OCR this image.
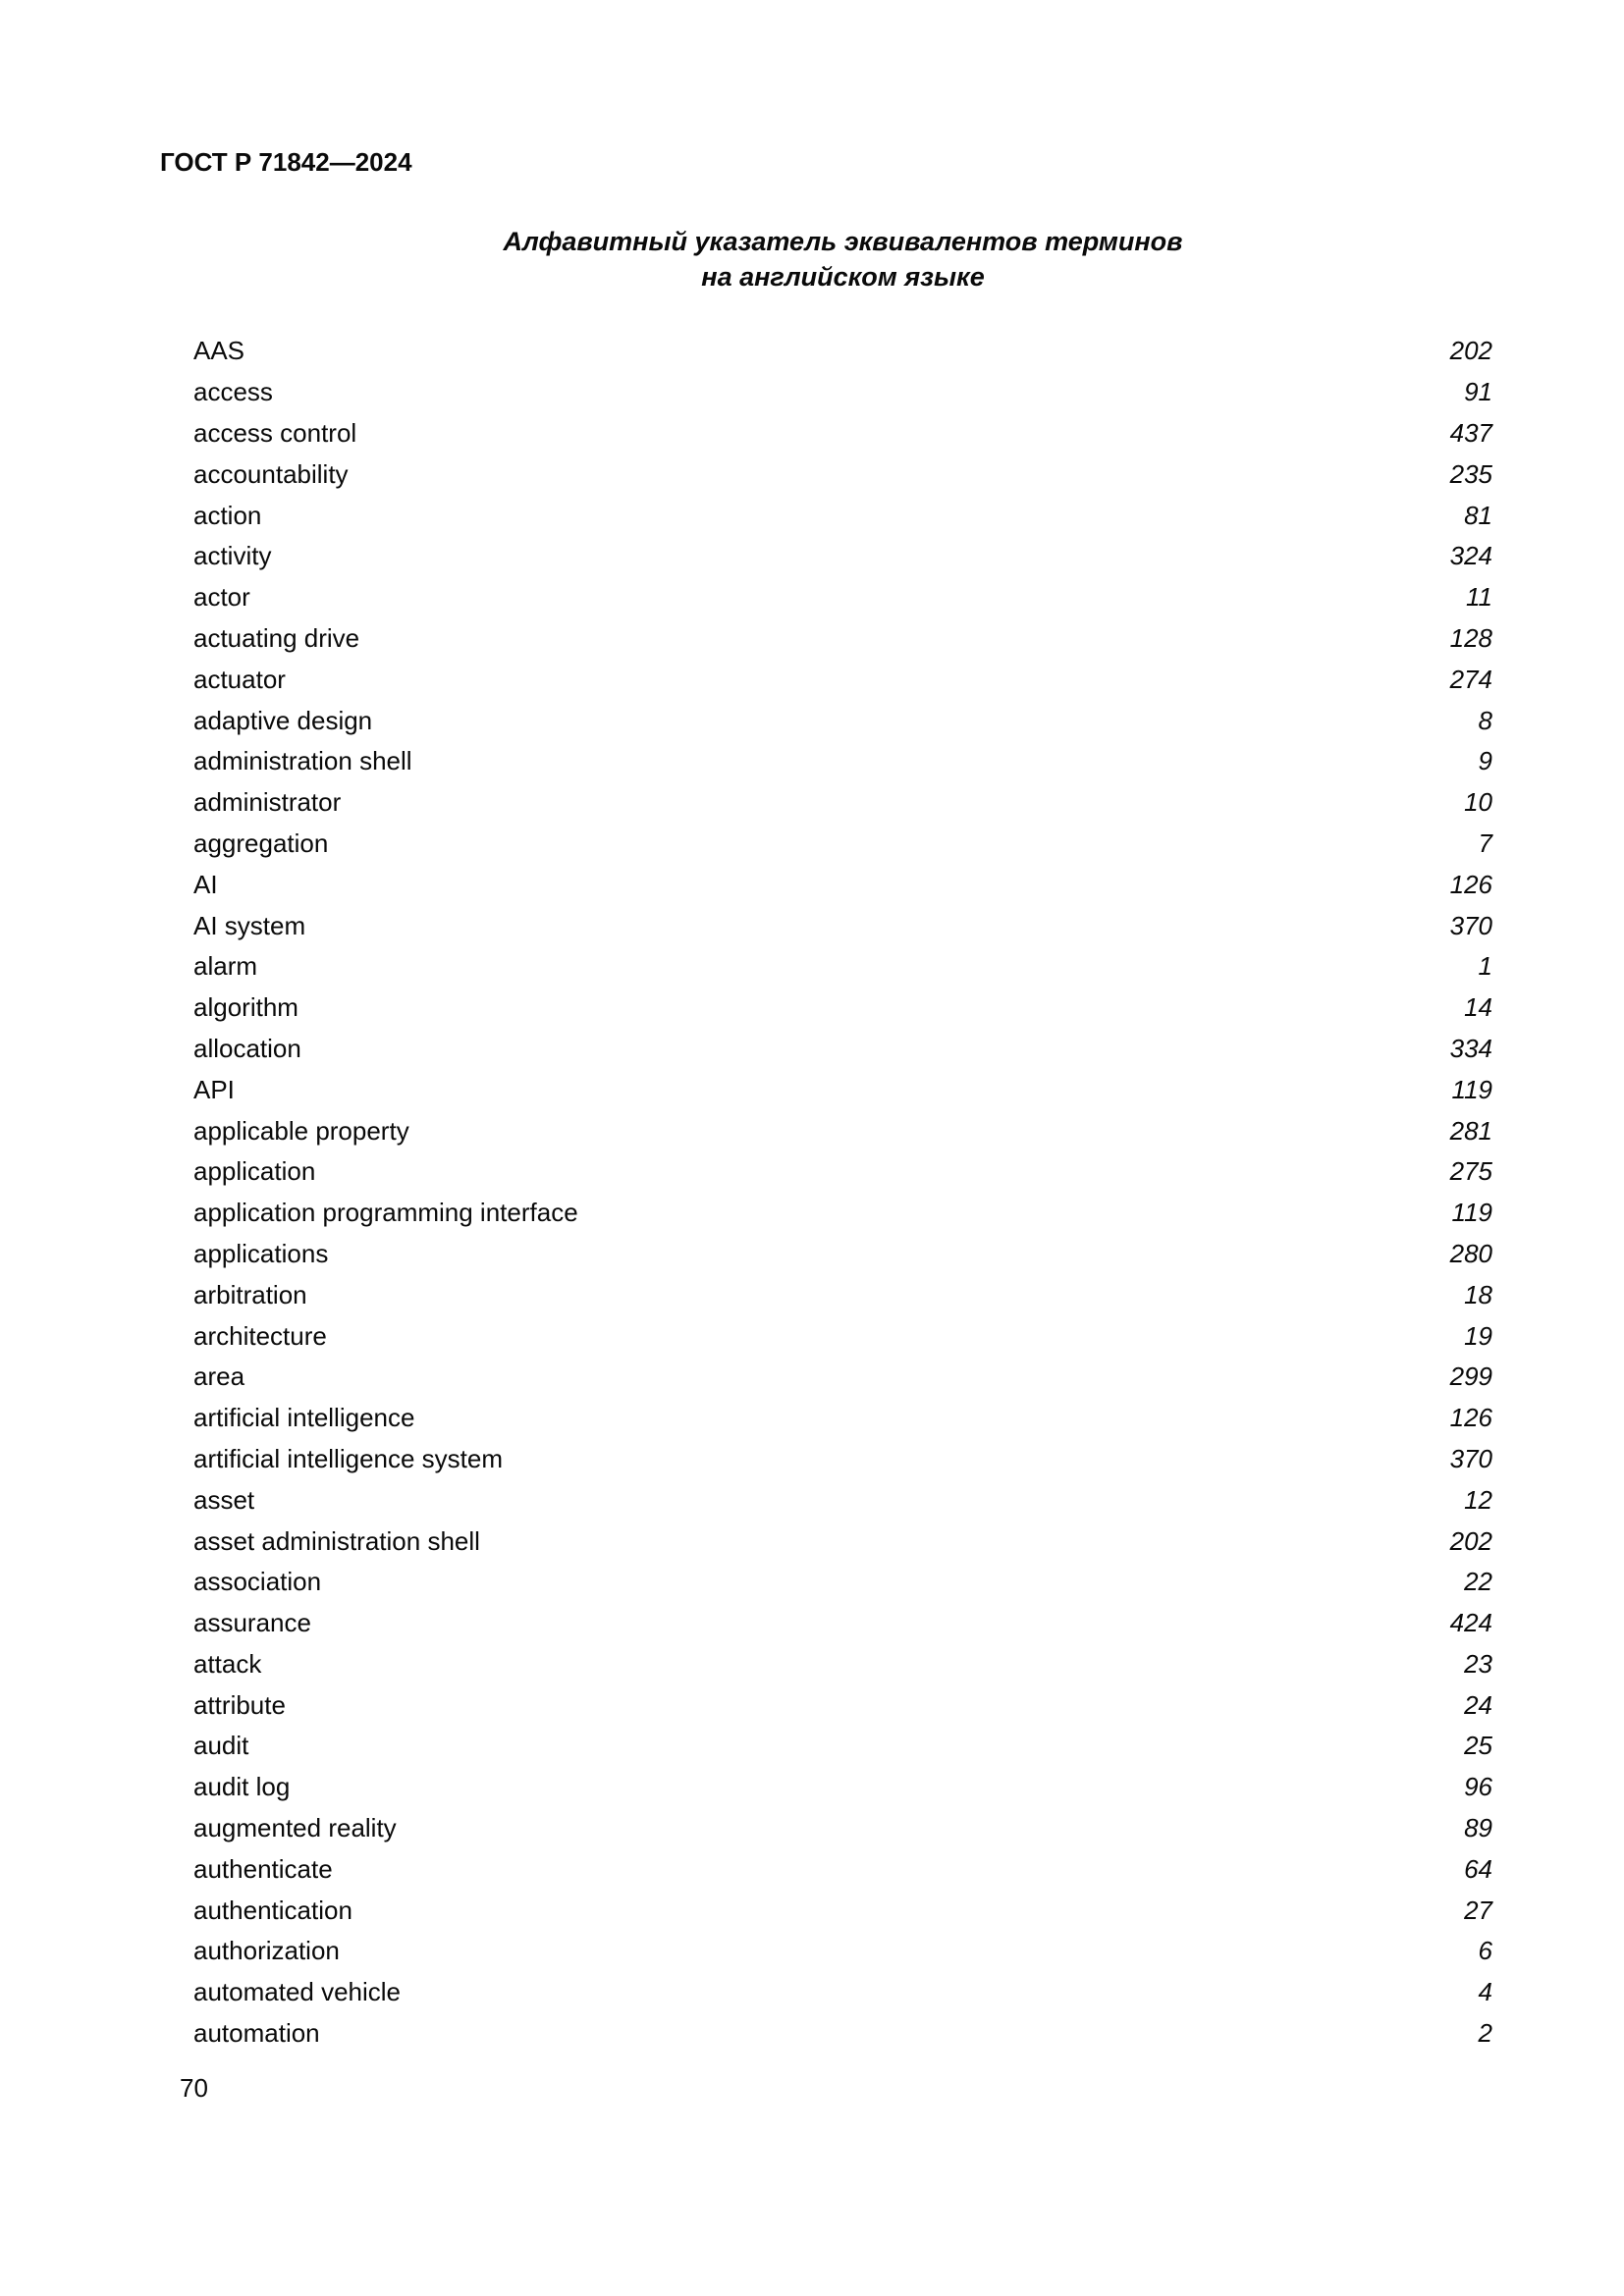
ГОСТ Р 71842—2024
Алфавитный указатель эквивалентов терминов
на английском языке
AAS	202
access	91
access control	437
accountability	235
action	81
activity	324
actor	11
actuating drive	128
actuator	274
adaptive design	8
administration shell	9
administrator	10
aggregation	7
AI	126
AI system	370
alarm	1
algorithm	14
allocation	334
API	119
applicable property	281
application	275
application programming interface	119
applications	280
arbitration	18
architecture	19
area	299
artificial intelligence	126
artificial intelligence system	370
asset	12
asset administration shell	202
association	22
assurance	424
attack	23
attribute	24
audit	25
audit log	96
augmented reality	89
authenticate	64
authentication	27
authorization	6
automated vehicle	4
automation	2
70
